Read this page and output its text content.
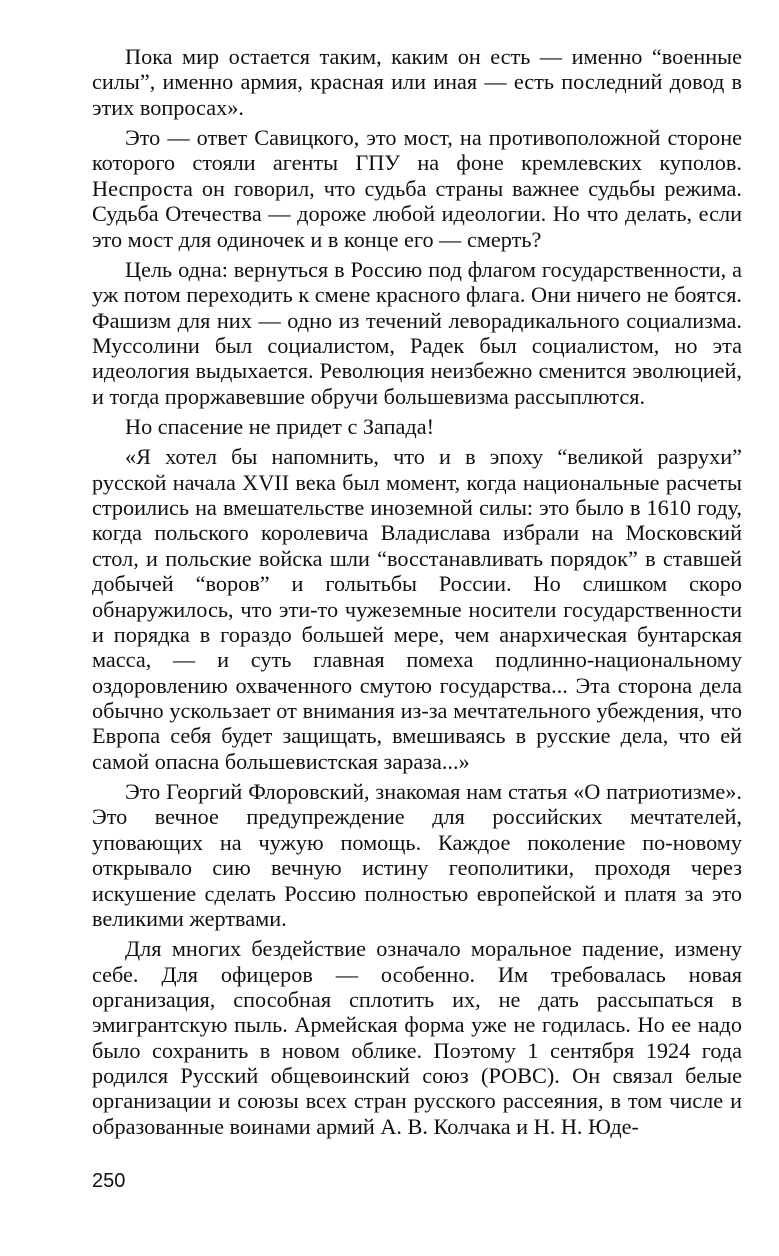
Пока мир остается таким, каким он есть — именно “военные силы”, именно армия, красная или иная — есть последний довод в этих вопросах».

Это — ответ Савицкого, это мост, на противоположной стороне которого стояли агенты ГПУ на фоне кремлевских куполов. Неспроста он говорил, что судьба страны важнее судьбы режима. Судьба Отечества — дороже любой идеологии. Но что делать, если это мост для одиночек и в конце его — смерть?

Цель одна: вернуться в Россию под флагом государственности, а уж потом переходить к смене красного флага. Они ничего не боятся. Фашизм для них — одно из течений леворадикального социализма. Муссолини был социалистом, Радек был социалистом, но эта идеология выдыхается. Революция неизбежно сменится эволюцией, и тогда проржавевшие обручи большевизма рассыплются.

Но спасение не придет с Запада!

«Я хотел бы напомнить, что и в эпоху “великой разрухи” русской начала XVII века был момент, когда национальные расчеты строились на вмешательстве иноземной силы: это было в 1610 году, когда польского королевича Владислава избрали на Московский стол, и польские войска шли “восстанавливать порядок” в ставшей добычей “воров” и голытьбы России. Но слишком скоро обнаружилось, что эти-то чужеземные носители государственности и порядка в гораздо большей мере, чем анархическая бунтарская масса, — и суть главная помеха подлинно-национальному оздоровлению охваченного смутою государства... Эта сторона дела обычно ускользает от внимания из-за мечтательного убеждения, что Европа себя будет защищать, вмешиваясь в русские дела, что ей самой опасна большевистская зараза...»

Это Георгий Флоровский, знакомая нам статья «О патриотизме». Это вечное предупреждение для российских мечтателей, уповающих на чужую помощь. Каждое поколение по-новому открывало сию вечную истину геополитики, проходя через искушение сделать Россию полностью европейской и платя за это великими жертвами.

Для многих бездействие означало моральное падение, измену себе. Для офицеров — особенно. Им требовалась новая организация, способная сплотить их, не дать рассыпаться в эмигрантскую пыль. Армейская форма уже не годилась. Но ее надо было сохранить в новом облике. Поэтому 1 сентября 1924 года родился Русский общевоинский союз (РОВС). Он связал белые организации и союзы всех стран русского рассеяния, в том числе и образованные воинами армий А. В. Колчака и Н. Н. Юде-

250
